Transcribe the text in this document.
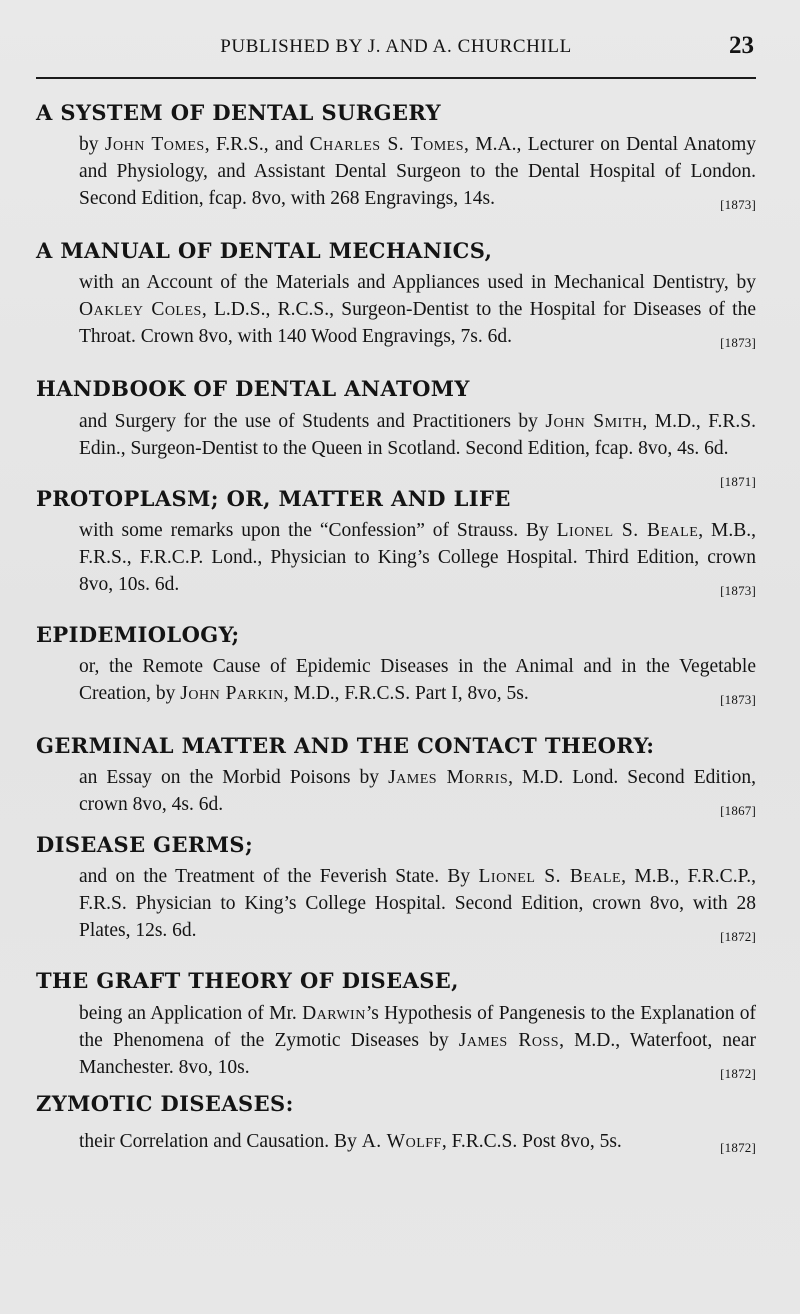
PUBLISHED BY J. AND A. CHURCHILL	23
A SYSTEM OF DENTAL SURGERY
by John Tomes, F.R.S., and Charles S. Tomes, M.A., Lecturer on Dental Anatomy and Physiology, and Assistant Dental Surgeon to the Dental Hospital of London. Second Edition, fcap. 8vo, with 268 Engravings, 14s.	[1873]
A MANUAL OF DENTAL MECHANICS,
with an Account of the Materials and Appliances used in Mechanical Dentistry, by Oakley Coles, L.D.S., R.C.S., Surgeon-Dentist to the Hospital for Diseases of the Throat. Crown 8vo, with 140 Wood Engravings, 7s. 6d.	[1873]
HANDBOOK OF DENTAL ANATOMY
and Surgery for the use of Students and Practitioners by John Smith, M.D., F.R.S. Edin., Surgeon-Dentist to the Queen in Scotland. Second Edition, fcap. 8vo, 4s. 6d.
[1871]
PROTOPLASM; OR, MATTER AND LIFE
with some remarks upon the “Confession” of Strauss. By Lionel S. Beale, M.B., F.R.S., F.R.C.P. Lond., Physician to King’s College Hospital. Third Edition, crown 8vo, 10s. 6d.	[1873]
EPIDEMIOLOGY;
or, the Remote Cause of Epidemic Diseases in the Animal and in the Vegetable Creation, by John Parkin, M.D., F.R.C.S. Part I, 8vo, 5s.	[1873]
GERMINAL MATTER AND THE CONTACT THEORY:
an Essay on the Morbid Poisons by James Morris, M.D. Lond. Second Edition, crown 8vo, 4s. 6d.	[1867]
DISEASE GERMS;
and on the Treatment of the Feverish State. By Lionel S. Beale, M.B., F.R.C.P., F.R.S. Physician to King’s College Hospital. Second Edition, crown 8vo, with 28 Plates, 12s. 6d.	[1872]
THE GRAFT THEORY OF DISEASE,
being an Application of Mr. Darwin’s Hypothesis of Pangenesis to the Explanation of the Phenomena of the Zymotic Diseases by James Ross, M.D., Waterfoot, near Manchester. 8vo, 10s.	[1872]
ZYMOTIC DISEASES:
their Correlation and Causation. By A. Wolff, F.R.C.S. Post 8vo, 5s.	[1872]
